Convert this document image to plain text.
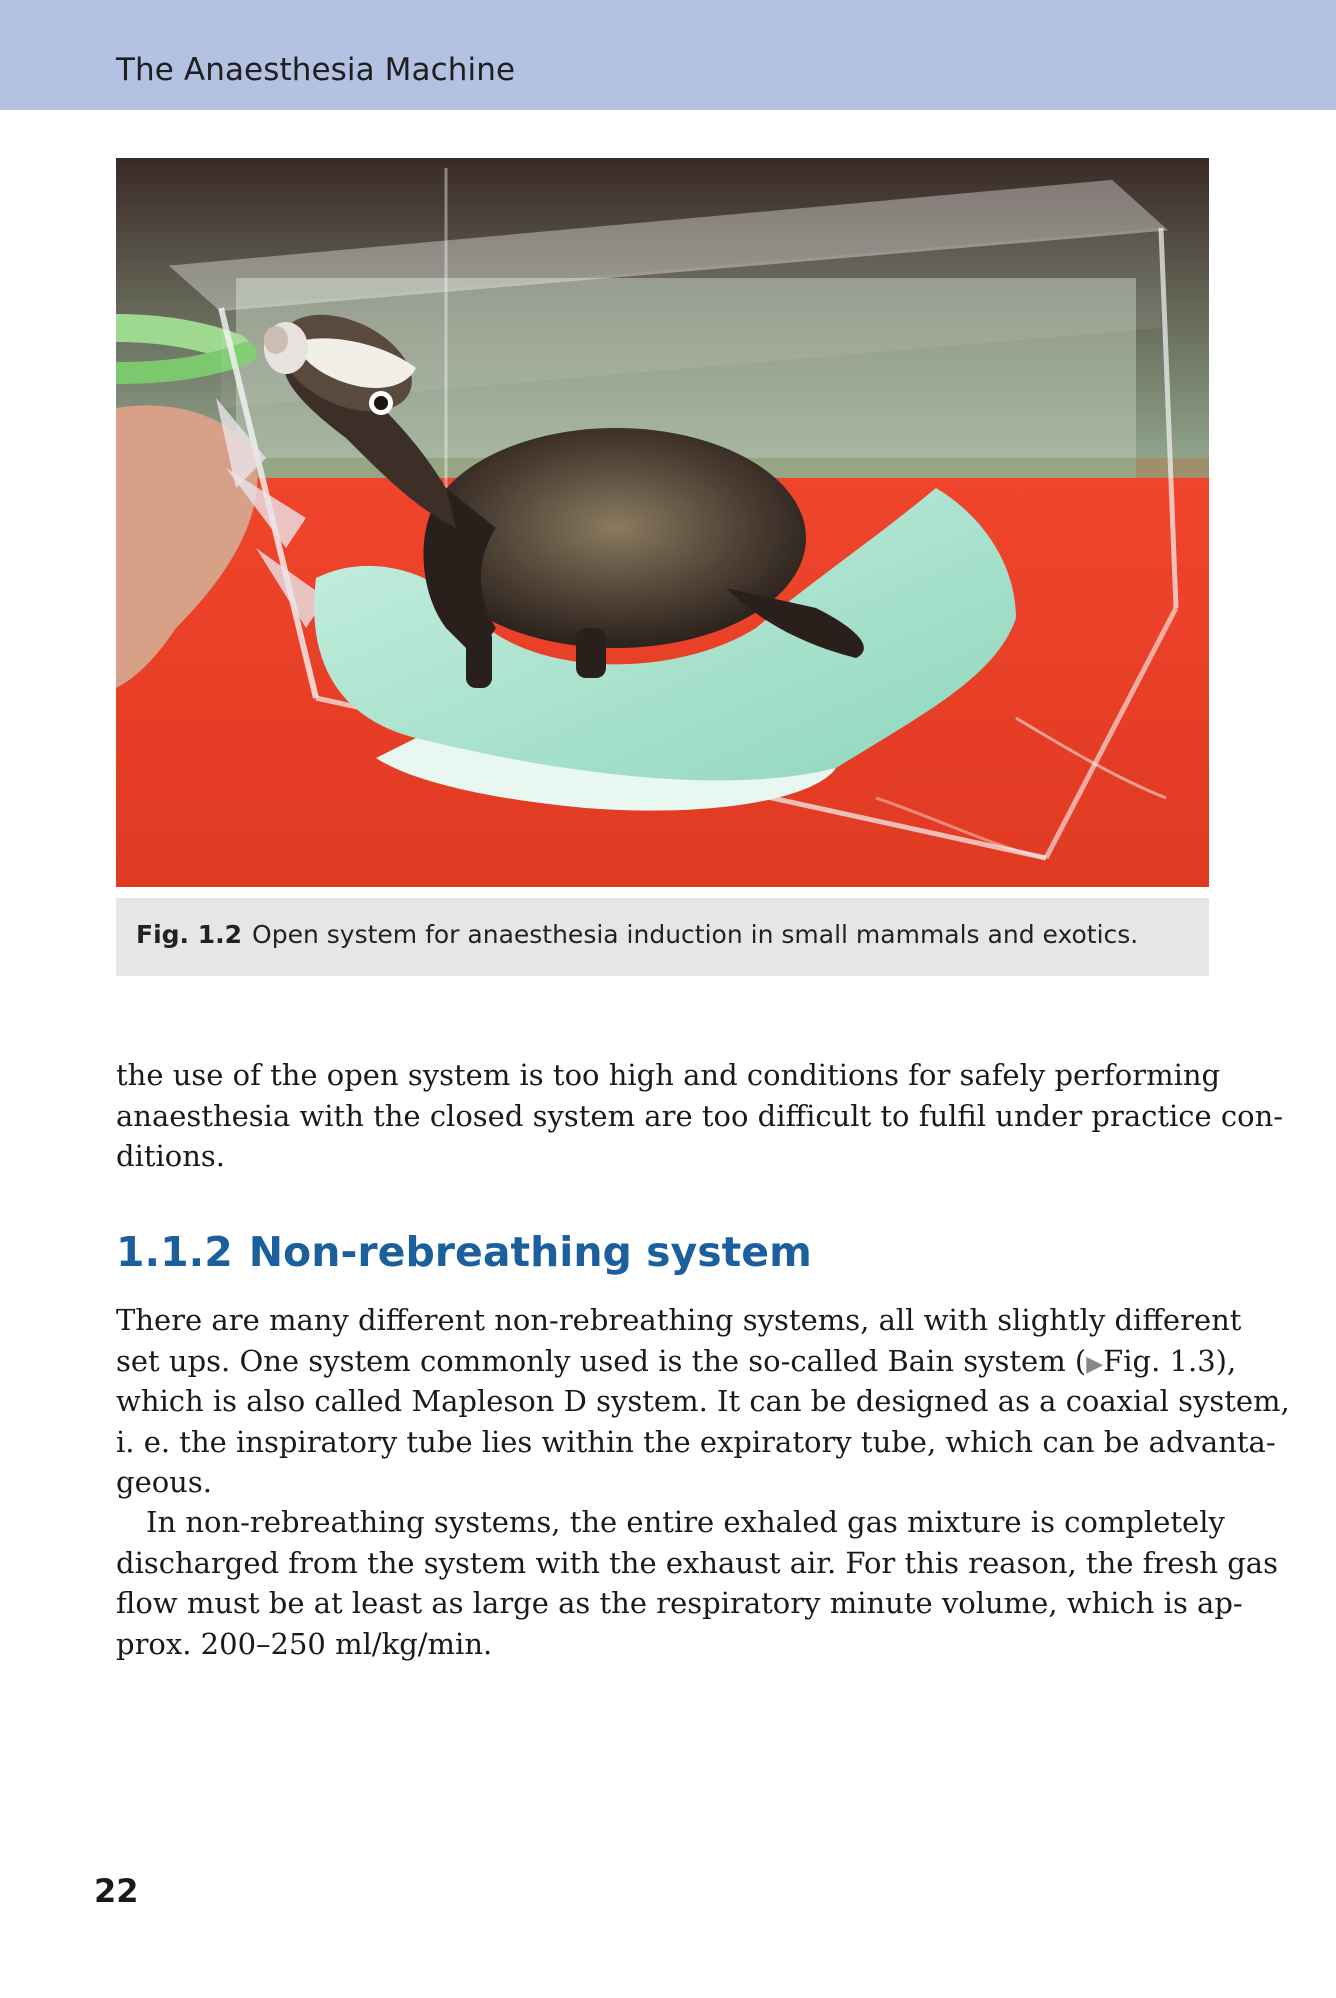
The Anaesthesia Machine
Fig. 1.2 Open system for anaesthesia induction in small mammals and exotics.
the use of the open system is too high and conditions for safely performing
anaesthesia with the closed system are too difficult to fulfil under practice con-
ditions.
1.1.2 Non-rebreathing system
There are many different non-rebreathing systems, all with slightly different
set ups. One system commonly used is the so-called Bain system (▶Fig. 1.3),
which is also called Mapleson D system. It can be designed as a coaxial system,
i. e. the inspiratory tube lies within the expiratory tube, which can be advanta-
geous.
In non-rebreathing systems, the entire exhaled gas mixture is completely
discharged from the system with the exhaust air. For this reason, the fresh gas
flow must be at least as large as the respiratory minute volume, which is ap-
prox. 200–250 ml/kg/min.
22
